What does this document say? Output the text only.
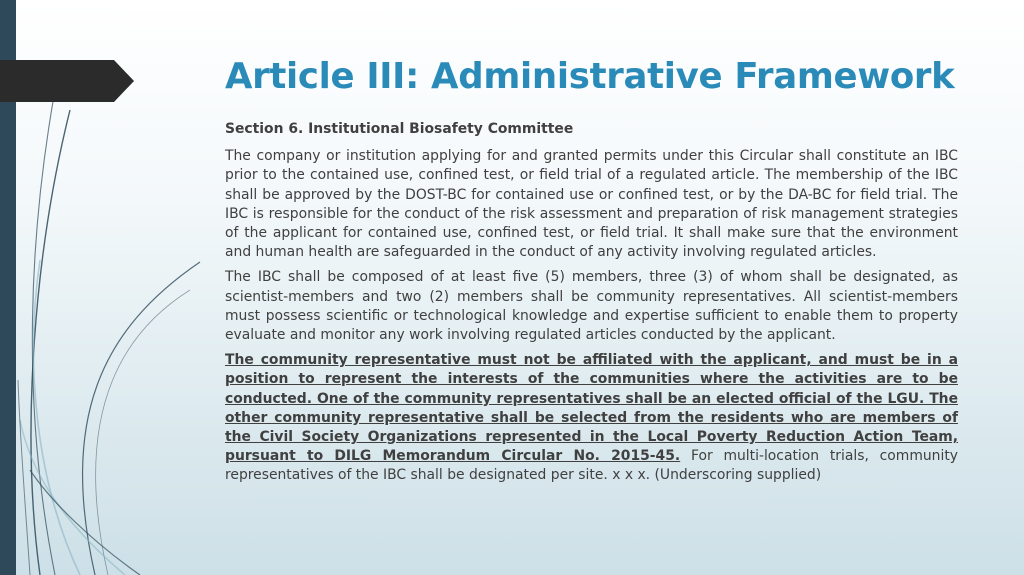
Article III: Administrative Framework

Section 6. Institutional Biosafety Committee

The company or institution applying for and granted permits under this Circular shall constitute an IBC prior to the contained use, confined test, or field trial of a regulated article. The membership of the IBC shall be approved by the DOST-BC for contained use or confined test, or by the DA-BC for field trial. The IBC is responsible for the conduct of the risk assessment and preparation of risk management strategies of the applicant for contained use, confined test, or field trial. It shall make sure that the environment and human health are safeguarded in the conduct of any activity involving regulated articles.

The IBC shall be composed of at least five (5) members, three (3) of whom shall be designated, as scientist-members and two (2) members shall be community representatives. All scientist-members must possess scientific or technological knowledge and expertise sufficient to enable them to property evaluate and monitor any work involving regulated articles conducted by the applicant.

The community representative must not be affiliated with the applicant, and must be in a position to represent the interests of the communities where the activities are to be conducted. One of the community representatives shall be an elected official of the LGU. The other community representative shall be selected from the residents who are members of the Civil Society Organizations represented in the Local Poverty Reduction Action Team, pursuant to DILG Memorandum Circular No. 2015-45. For multi-location trials, community representatives of the IBC shall be designated per site. x x x. (Underscoring supplied)
